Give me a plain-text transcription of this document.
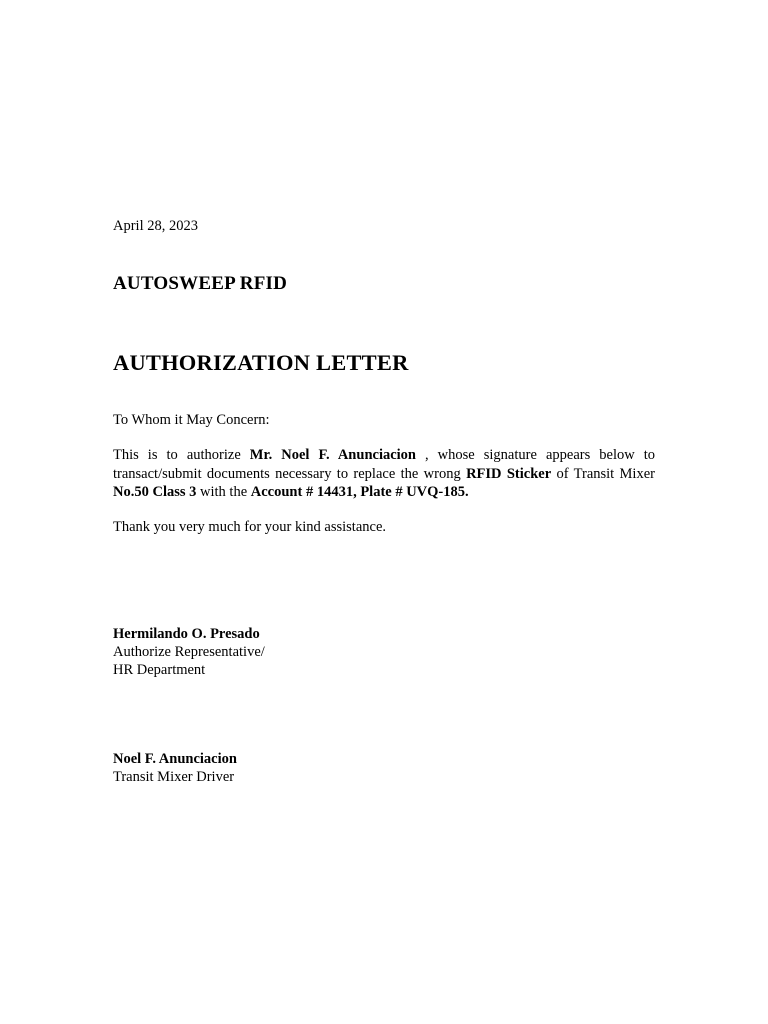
April 28, 2023

AUTOSWEEP RFID

AUTHORIZATION LETTER

To Whom it May Concern:

This is to authorize Mr. Noel F. Anunciacion , whose signature appears below to transact/submit documents necessary to replace the wrong RFID Sticker of Transit Mixer No.50 Class 3 with the Account # 14431, Plate # UVQ-185.

Thank you very much for your kind assistance.

Hermilando O. Presado
Authorize Representative/
HR Department
Noel F. Anunciacion
Transit Mixer Driver
